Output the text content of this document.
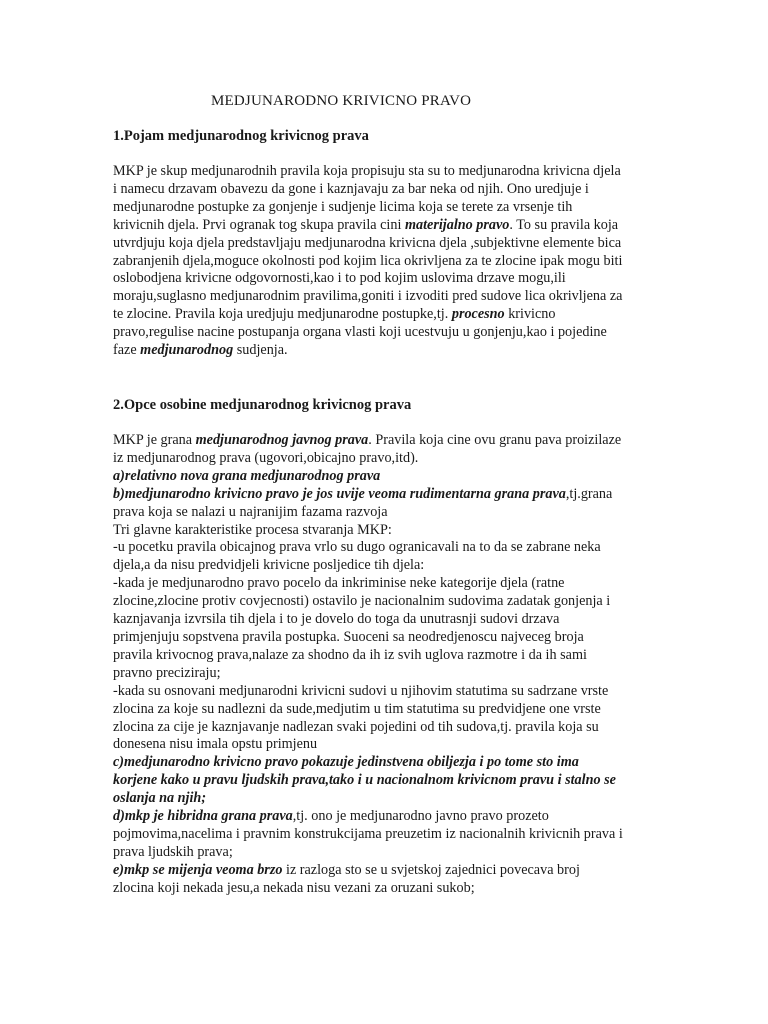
MEDJUNARODNO KRIVICNO PRAVO
1.Pojam medjunarodnog krivicnog prava
MKP je skup medjunarodnih pravila koja propisuju sta su to medjunarodna krivicna djela
i namecu drzavam obavezu da gone i kaznjavaju za bar neka od njih. Ono uredjuje i
medjunarodne postupke za gonjenje i sudjenje licima koja se terete za vrsenje tih
krivicnih djela. Prvi ogranak tog skupa pravila cini materijalno pravo. To su pravila koja
utvrdjuju koja djela predstavljaju medjunarodna krivicna djela ,subjektivne elemente bica
zabranjenih djela,moguce okolnosti pod kojim lica okrivljena za te zlocine ipak mogu biti
oslobodjena krivicne odgovornosti,kao i to pod kojim uslovima drzave mogu,ili
moraju,suglasno medjunarodnim pravilima,goniti i izvoditi pred sudove lica okrivljena za
te zlocine. Pravila koja uredjuju medjunarodne postupke,tj. procesno krivicno
pravo,regulise nacine postupanja organa vlasti koji ucestvuju u gonjenju,kao i pojedine
faze medjunarodnog sudjenja.
2.Opce osobine medjunarodnog krivicnog prava
MKP je grana medjunarodnog javnog prava. Pravila koja cine ovu granu pava proizilaze
iz medjunarodnog prava (ugovori,obicajno pravo,itd).
a)relativno nova grana medjunarodnog prava
b)medjunarodno krivicno pravo je jos uvije veoma rudimentarna grana prava,tj.grana
prava koja se nalazi u najranijim fazama razvoja
Tri glavne karakteristike procesa stvaranja MKP:
-u pocetku pravila obicajnog prava vrlo su dugo ogranicavali na to da se zabrane neka
djela,a da nisu predvidjeli krivicne posljedice tih djela:
-kada je medjunarodno pravo pocelo da inkriminise neke kategorije djela (ratne
zlocine,zlocine protiv covjecnosti) ostavilo je nacionalnim sudovima zadatak gonjenja i
kaznjavanja izvrsila tih djela i to je dovelo do toga da unutrasnji sudovi drzava
primjenjuju sopstvena pravila postupka. Suoceni sa neodredjenoscu najveceg broja
pravila krivocnog prava,nalaze za shodno da ih iz svih uglova razmotre i da ih sami
pravno preciziraju;
-kada su osnovani medjunarodni krivicni sudovi u njihovim statutima su sadrzane vrste
zlocina za koje su nadlezni da sude,medjutim u tim statutima su predvidjene one vrste
zlocina za cije je kaznjavanje nadlezan svaki pojedini od tih sudova,tj. pravila koja su
donesena nisu imala opstu primjenu
c)medjunarodno krivicno pravo pokazuje jedinstvena obiljezja i po tome sto ima
korjene kako u pravu ljudskih prava,tako i u nacionalnom krivicnom pravu i stalno se
oslanja na njih;
d)mkp je hibridna grana prava,tj. ono je medjunarodno javno pravo prozeto
pojmovima,nacelima i pravnim konstrukcijama preuzetim iz nacionalnih krivicnih prava i
prava ljudskih prava;
e)mkp se mijenja veoma brzo iz razloga sto se u svjetskoj zajednici povecava broj
zlocina koji nekada jesu,a nekada nisu vezani za oruzani sukob;
